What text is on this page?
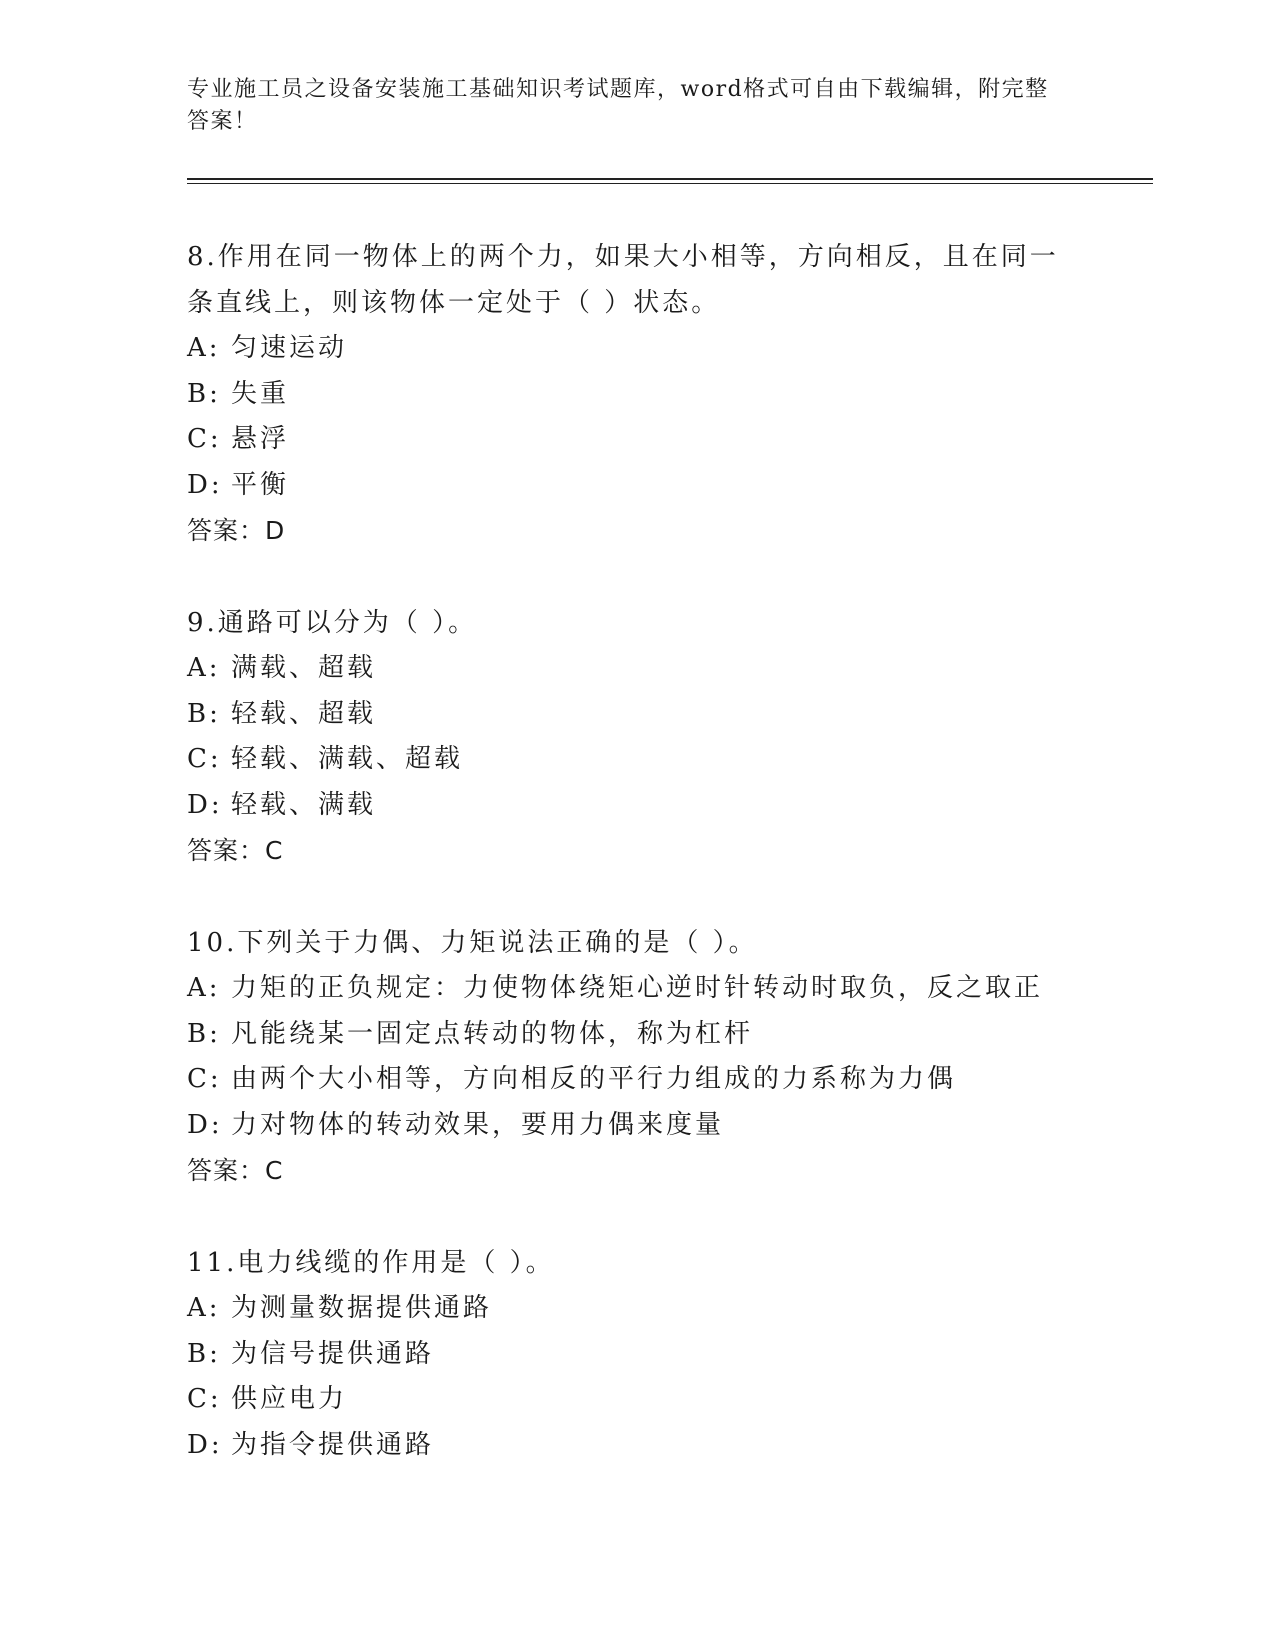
专业施工员之设备安装施工基础知识考试题库，word格式可自由下载编辑，附完整答案！
8.作用在同一物体上的两个力，如果大小相等，方向相反，且在同一条直线上，则该物体一定处于（ ）状态。
A: 匀速运动
B: 失重
C: 悬浮
D: 平衡
答案：D
9.通路可以分为（ ）。
A: 满载、超载
B: 轻载、超载
C: 轻载、满载、超载
D: 轻载、满载
答案：C
10.下列关于力偶、力矩说法正确的是（ ）。
A: 力矩的正负规定：力使物体绕矩心逆时针转动时取负，反之取正
B: 凡能绕某一固定点转动的物体，称为杠杆
C: 由两个大小相等，方向相反的平行力组成的力系称为力偶
D: 力对物体的转动效果，要用力偶来度量
答案：C
11.电力线缆的作用是（ ）。
A: 为测量数据提供通路
B: 为信号提供通路
C: 供应电力
D: 为指令提供通路
